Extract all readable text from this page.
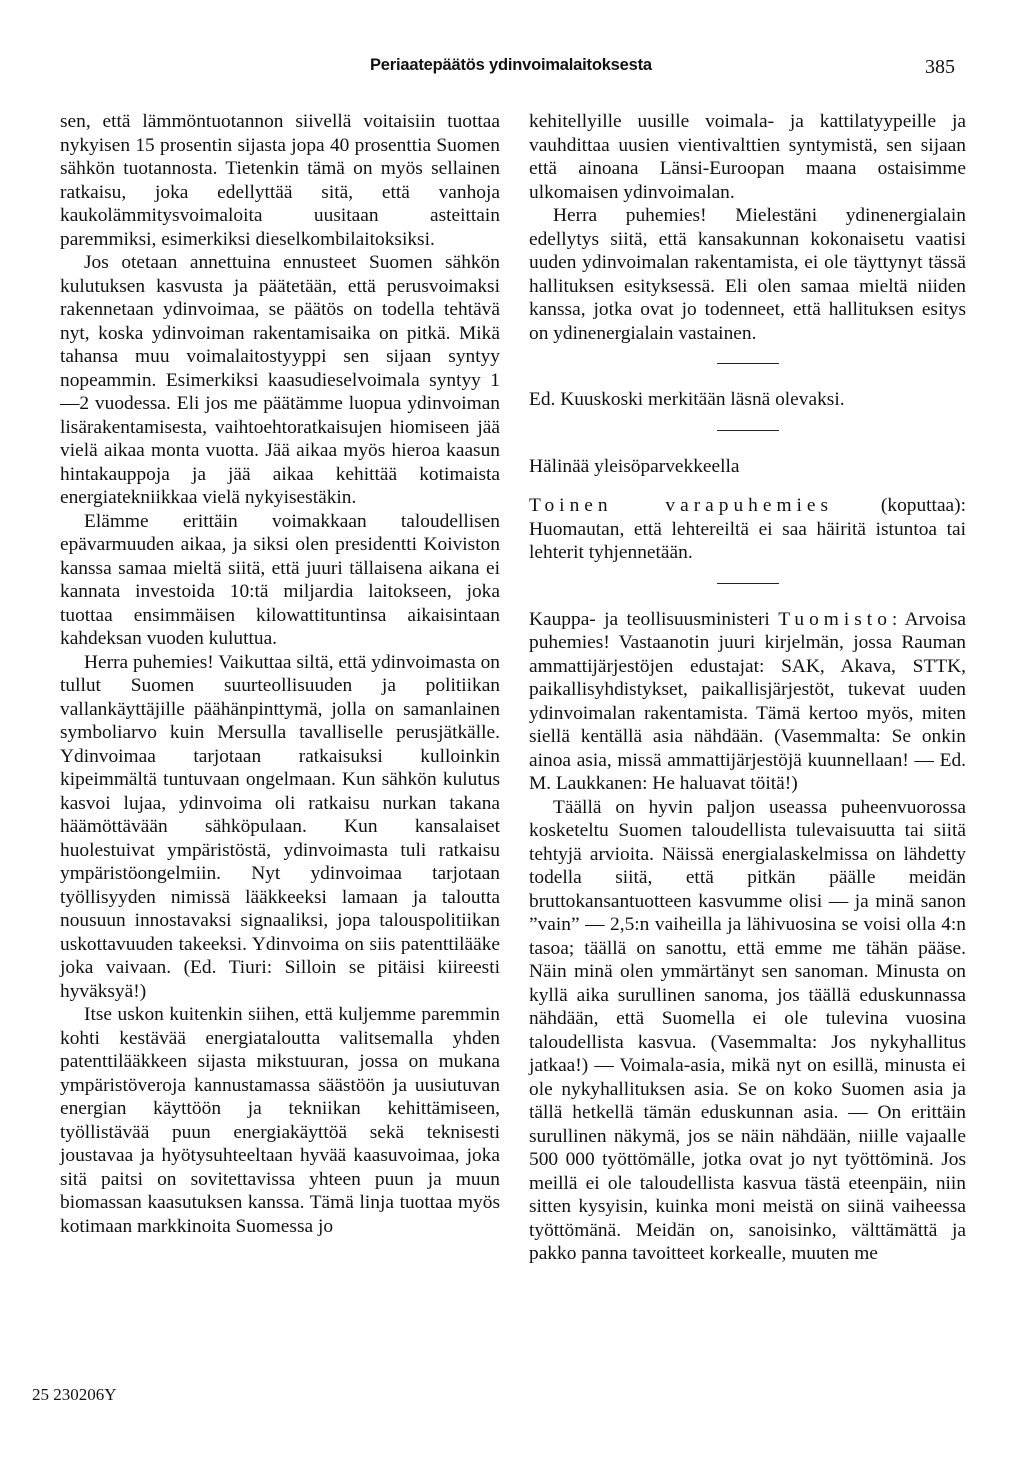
Periaatepäätös ydinvoimalaitoksesta	385

sen, että lämmöntuotannon siivellä voitaisiin tuottaa nykyisen 15 prosentin sijasta jopa 40 prosenttia Suomen sähkön tuotannosta. Tietenkin tämä on myös sellainen ratkaisu, joka edellyttää sitä, että vanhoja kaukolämmitysvoimaloita uusitaan asteittain paremmiksi, esimerkiksi dieselkombilaitoksiksi.

Jos otetaan annettuina ennusteet Suomen sähkön kulutuksen kasvusta ja päätetään, että perusvoimaksi rakennetaan ydinvoimaa, se päätös on todella tehtävä nyt, koska ydinvoiman rakentamisaika on pitkä. Mikä tahansa muu voimalaitostyyppi sen sijaan syntyy nopeammin. Esimerkiksi kaasudieselvoimala syntyy 1—2 vuodessa. Eli jos me päätämme luopua ydinvoiman lisärakentamisesta, vaihtoehtoratkaisujen hiomiseen jää vielä aikaa monta vuotta. Jää aikaa myös hieroa kaasun hintakauppoja ja jää aikaa kehittää kotimaista energiatekniikkaa vielä nykyisestäkin.

Elämme erittäin voimakkaan taloudellisen epävarmuuden aikaa, ja siksi olen presidentti Koiviston kanssa samaa mieltä siitä, että juuri tällaisena aikana ei kannata investoida 10:tä miljardia laitokseen, joka tuottaa ensimmäisen kilowattituntinsa aikaisintaan kahdeksan vuoden kuluttua.

Herra puhemies! Vaikuttaa siltä, että ydinvoimasta on tullut Suomen suurteollisuuden ja politiikan vallankäyttäjille päähänpinttymä, jolla on samanlainen symboliarvo kuin Mersulla tavalliselle perusjätkälle. Ydinvoimaa tarjotaan ratkaisuksi kulloinkin kipeimmältä tuntuvaan ongelmaan. Kun sähkön kulutus kasvoi lujaa, ydinvoima oli ratkaisu nurkan takana häämöttävään sähköpulaan. Kun kansalaiset huolestuivat ympäristöstä, ydinvoimasta tuli ratkaisu ympäristöongelmiin. Nyt ydinvoimaa tarjotaan työllisyyden nimissä lääkkeeksi lamaan ja taloutta nousuun innostavaksi signaaliksi, jopa talouspolitiikan uskottavuuden takeeksi. Ydinvoima on siis patenttilääke joka vaivaan. (Ed. Tiuri: Silloin se pitäisi kiireesti hyväksyä!)

Itse uskon kuitenkin siihen, että kuljemme paremmin kohti kestävää energiataloutta valitsemalla yhden patenttilääkkeen sijasta mikstuuran, jossa on mukana ympäristöveroja kannustamassa säästöön ja uusiutuvan energian käyttöön ja tekniikan kehittämiseen, työllistävää puun energiakäyttöä sekä teknisesti joustavaa ja hyötysuhteeltaan hyvää kaasuvoimaa, joka sitä paitsi on sovitettavissa yhteen puun ja muun biomassan kaasutuksen kanssa. Tämä linja tuottaa myös kotimaan markkinoita Suomessa jo

kehitellyille uusille voimala- ja kattilatyypeille ja vauhdittaa uusien vientivalttien syntymistä, sen sijaan että ainoana Länsi-Euroopan maana ostaisimme ulkomaisen ydinvoimalan.

Herra puhemies! Mielestäni ydinenergialain edellytys siitä, että kansakunnan kokonaisetu vaatisi uuden ydinvoimalan rakentamista, ei ole täyttynyt tässä hallituksen esityksessä. Eli olen samaa mieltä niiden kanssa, jotka ovat jo todenneet, että hallituksen esitys on ydinenergialain vastainen.

Ed. Kuuskoski merkitään läsnä olevaksi.

Hälinää yleisöparvekkeella

Toinen varapuhemies (koputtaa): Huomautan, että lehtereiltä ei saa häiritä istuntoa tai lehterit tyhjennetään.

Kauppa- ja teollisuusministeri Tuomisto: Arvoisa puhemies! Vastaanotin juuri kirjelmän, jossa Rauman ammattijärjestöjen edustajat: SAK, Akava, STTK, paikallisyhdistykset, paikallisjärjestöt, tukevat uuden ydinvoimalan rakentamista. Tämä kertoo myös, miten siellä kentällä asia nähdään. (Vasemmalta: Se onkin ainoa asia, missä ammattijärjestöjä kuunnellaan! — Ed. M. Laukkanen: He haluavat töitä!)

Täällä on hyvin paljon useassa puheenvuorossa kosketeltu Suomen taloudellista tulevaisuutta tai siitä tehtyjä arvioita. Näissä energialaskelmissa on lähdetty todella siitä, että pitkän päälle meidän bruttokansantuotteen kasvumme olisi — ja minä sanon ”vain” — 2,5:n vaiheilla ja lähivuosina se voisi olla 4:n tasoa; täällä on sanottu, että emme me tähän pääse. Näin minä olen ymmärtänyt sen sanoman. Minusta on kyllä aika surullinen sanoma, jos täällä eduskunnassa nähdään, että Suomella ei ole tulevina vuosina taloudellista kasvua. (Vasemmalta: Jos nykyhallitus jatkaa!) — Voimala-asia, mikä nyt on esillä, minusta ei ole nykyhallituksen asia. Se on koko Suomen asia ja tällä hetkellä tämän eduskunnan asia. — On erittäin surullinen näkymä, jos se näin nähdään, niille vajaalle 500 000 työttömälle, jotka ovat jo nyt työttöminä. Jos meillä ei ole taloudellista kasvua tästä eteenpäin, niin sitten kysyisin, kuinka moni meistä on siinä vaiheessa työttömänä. Meidän on, sanoisinko, välttämättä ja pakko panna tavoitteet korkealle, muuten me

25 230206Y
